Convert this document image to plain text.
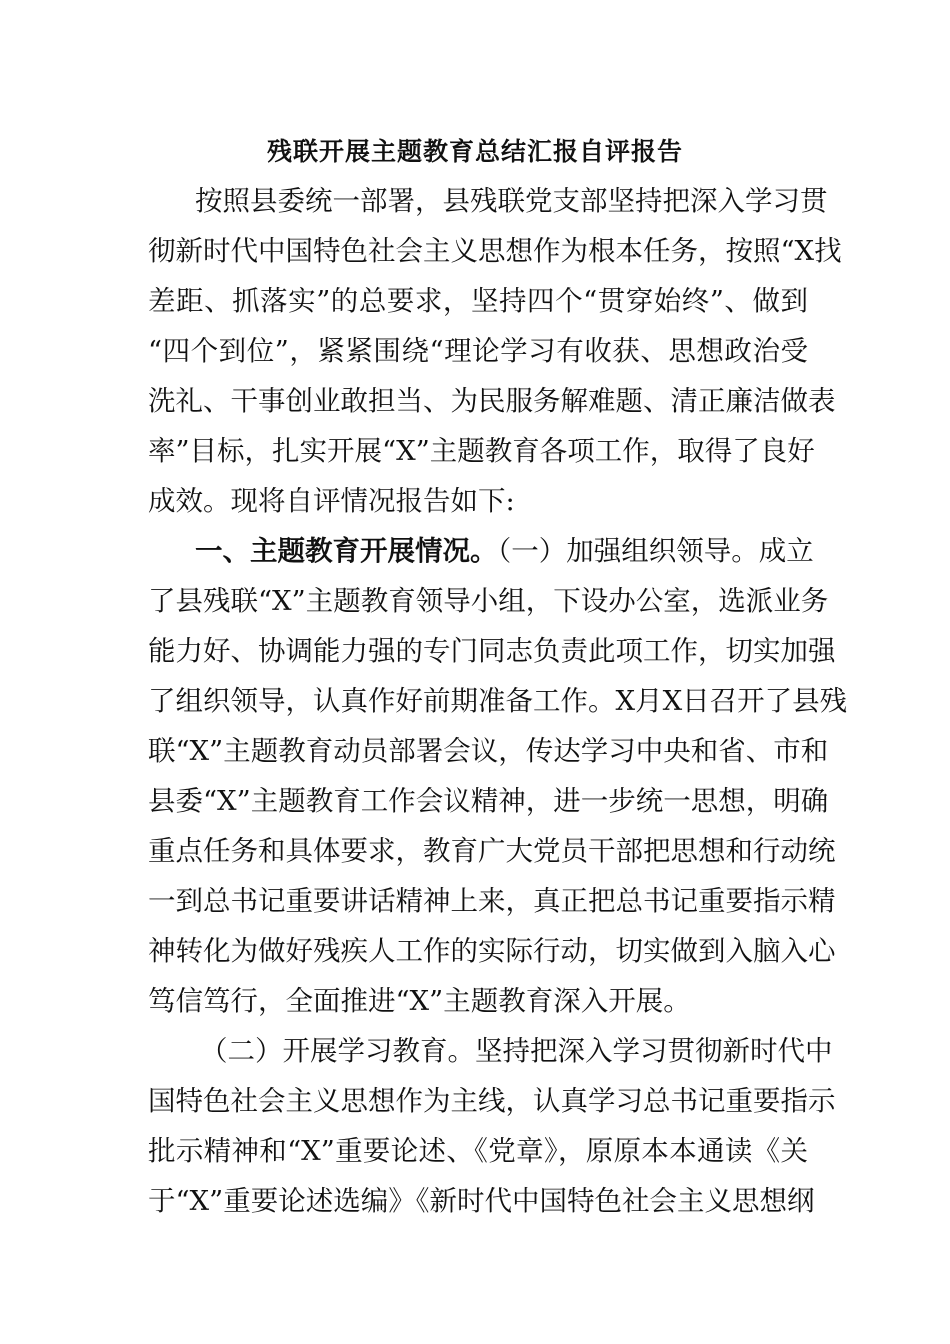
残联开展主题教育总结汇报自评报告
按照县委统一部署，县残联党支部坚持把深入学习贯
彻新时代中国特色社会主义思想作为根本任务，按照“X找
差距、抓落实”的总要求，坚持四个“贯穿始终”、做到
“四个到位”，紧紧围绕“理论学习有收获、思想政治受
洗礼、干事创业敢担当、为民服务解难题、清正廉洁做表
率”目标，扎实开展“X”主题教育各项工作，取得了良好
成效。现将自评情况报告如下:
一、主题教育开展情况。（一）加强组织领导。成立
了县残联“X”主题教育领导小组，下设办公室，选派业务
能力好、协调能力强的专门同志负责此项工作，切实加强
了组织领导，认真作好前期准备工作。X月X日召开了县残
联“X”主题教育动员部署会议，传达学习中央和省、市和
县委“X”主题教育工作会议精神，进一步统一思想，明确
重点任务和具体要求，教育广大党员干部把思想和行动统
一到总书记重要讲话精神上来，真正把总书记重要指示精
神转化为做好残疾人工作的实际行动，切实做到入脑入心
笃信笃行，全面推进“X”主题教育深入开展。
（二）开展学习教育。坚持把深入学习贯彻新时代中
国特色社会主义思想作为主线，认真学习总书记重要指示
批示精神和“X”重要论述、《党章》，原原本本通读《关
于“X”重要论述选编》《新时代中国特色社会主义思想纲
